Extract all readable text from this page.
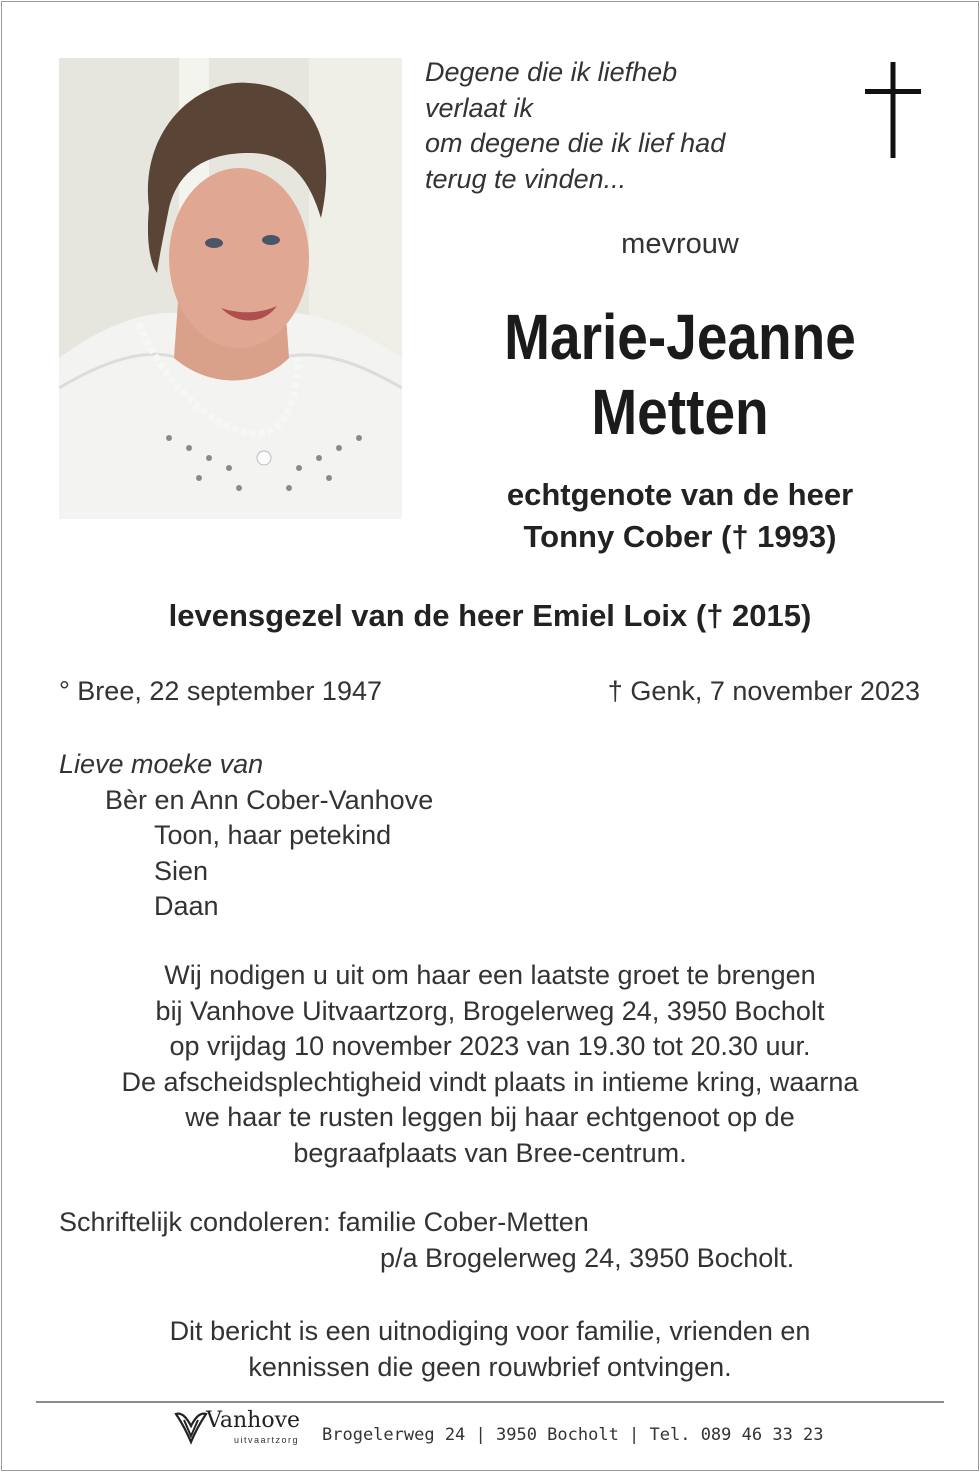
Degene die ik liefheb
verlaat ik
om degene die ik lief had
terug te vinden...
mevrouw
Marie-Jeanne
Metten
echtgenote van de heer
Tonny Cober († 1993)
levensgezel van de heer Emiel Loix († 2015)
° Bree, 22 september 1947	† Genk, 7 november 2023
Lieve moeke van
Bèr en Ann Cober-Vanhove
Toon, haar petekind
Sien
Daan
Wij nodigen u uit om haar een laatste groet te brengen
bij Vanhove Uitvaartzorg, Brogelerweg 24, 3950 Bocholt
op vrijdag 10 november 2023 van 19.30 tot 20.30 uur.
De afscheidsplechtigheid vindt plaats in intieme kring, waarna
we haar te rusten leggen bij haar echtgenoot op de
begraafplaats van Bree-centrum.
Schriftelijk condoleren: familie Cober-Metten
p/a Brogelerweg 24, 3950 Bocholt.
Dit bericht is een uitnodiging voor familie, vrienden en
kennissen die geen rouwbrief ontvingen.
Vanhove
uitvaartzorg Brogelerweg 24 | 3950 Bocholt | Tel. 089 46 33 23
